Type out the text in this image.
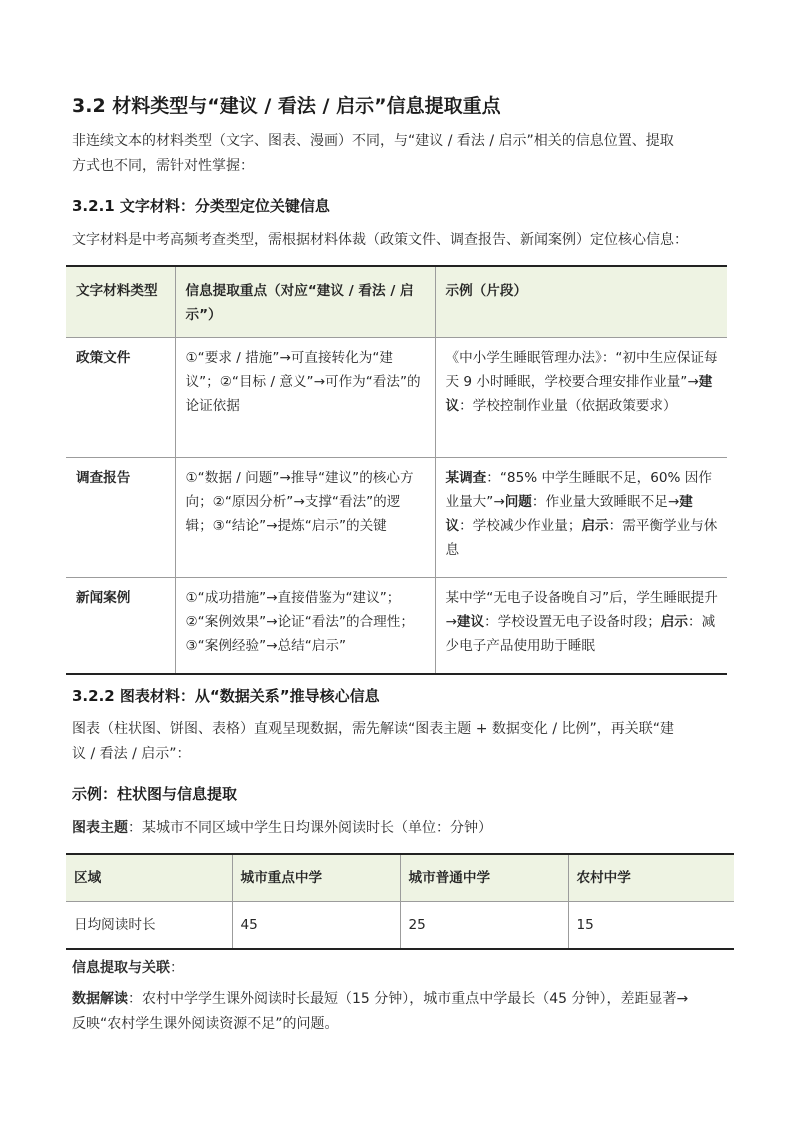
3.2 材料类型与“建议 / 看法 / 启示”信息提取重点
非连续文本的材料类型（文字、图表、漫画）不同，与“建议 / 看法 / 启示”相关的信息位置、提取
方式也不同，需针对性掌握：
3.2.1 文字材料：分类型定位关键信息
文字材料是中考高频考查类型，需根据材料体裁（政策文件、调查报告、新闻案例）定位核心信息：
文字材料类型	信息提取重点（对应“建议 / 看法 / 启示”）	示例（片段）
政策文件	①“要求 / 措施”→可直接转化为“建议”；②“目标 / 意义”→可作为“看法”的论证依据	《中小学生睡眠管理办法》：“初中生应保证每天 9 小时睡眠，学校要合理安排作业量”→建议：学校控制作业量（依据政策要求）
调查报告	①“数据 / 问题”→推导“建议”的核心方向；②“原因分析”→支撑“看法”的逻辑；③“结论”→提炼“启示”的关键	某调查：“85% 中学生睡眠不足，60% 因作业量大”→问题：作业量大致睡眠不足→建议：学校减少作业量；启示：需平衡学业与休息
新闻案例	①“成功措施”→直接借鉴为“建议”；②“案例效果”→论证“看法”的合理性；③“案例经验”→总结“启示”	某中学“无电子设备晚自习”后，学生睡眠提升→建议：学校设置无电子设备时段；启示：减少电子产品使用助于睡眠
3.2.2 图表材料：从“数据关系”推导核心信息
图表（柱状图、饼图、表格）直观呈现数据，需先解读“图表主题 + 数据变化 / 比例”，再关联“建
议 / 看法 / 启示”：
示例：柱状图与信息提取
图表主题：某城市不同区域中学生日均课外阅读时长（单位：分钟）
区域	城市重点中学	城市普通中学	农村中学
日均阅读时长	45	25	15
信息提取与关联：
数据解读：农村中学学生课外阅读时长最短（15 分钟），城市重点中学最长（45 分钟），差距显著→
反映“农村学生课外阅读资源不足”的问题。
